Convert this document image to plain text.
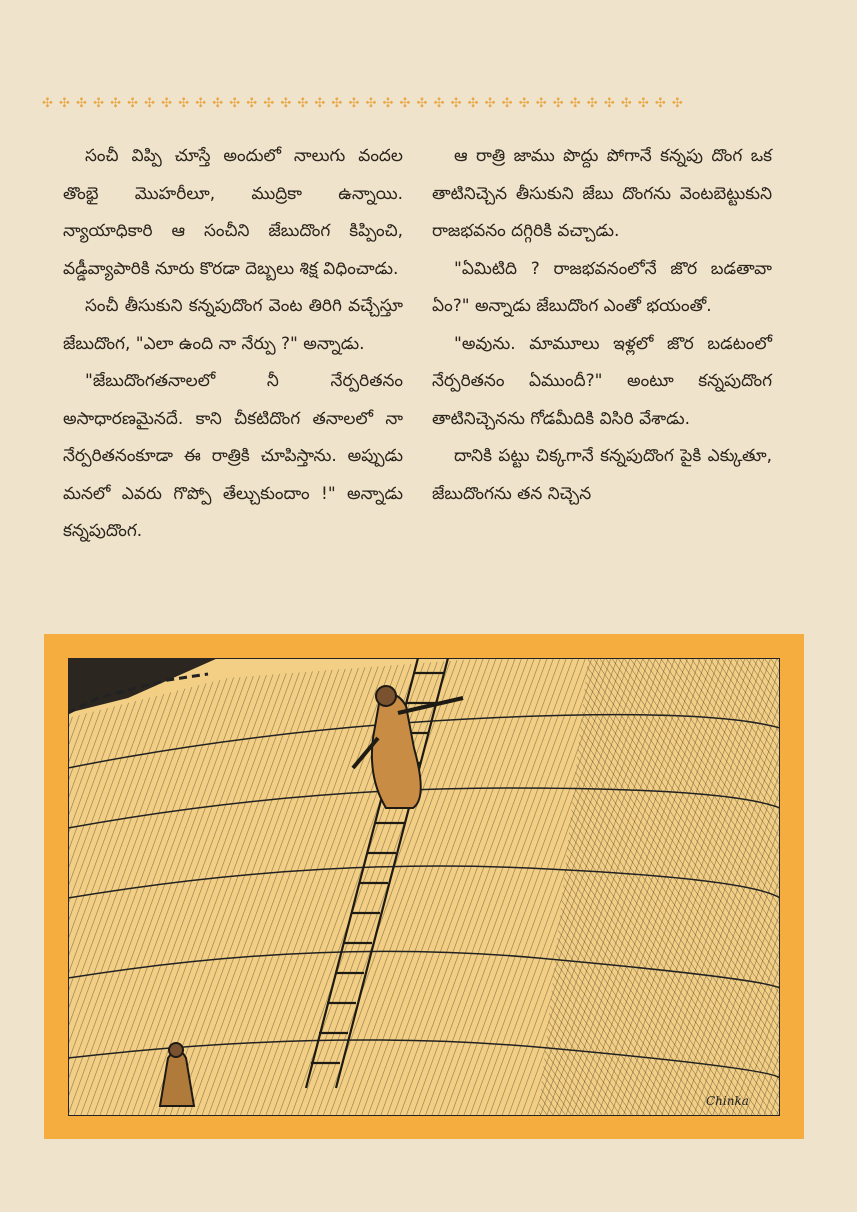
✣ ✣ ✣ ✣ ✣ ✣ ✣ ✣ ✣ ✣ ✣ ✣ ✣ ✣ ✣ ✣ ✣ ✣ ✣ ✣ ✣ ✣ ✣ ✣ ✣ ✣ ✣ ✣ ✣ ✣ ✣ ✣ ✣ ✣ ✣ ✣ ✣ ✣

సంచీ విప్పి చూస్తే అందులో నాలుగు వందల తొంభై మొహరీలూ, ముద్రికా ఉన్నాయి. న్యాయాధికారి ఆ సంచీని జేబుదొంగ కిప్పించి, వడ్డీవ్యాపారికి నూరు కొరడా దెబ్బలు శిక్ష విధించాడు.

సంచీ తీసుకుని కన్నపుదొంగ వెంట తిరిగి వచ్చేస్తూ జేబుదొంగ, "ఎలా ఉంది నా నేర్పు ?" అన్నాడు.

"జేబుదొంగతనాలలో నీ నేర్పరితనం అసాధారణమైనదే. కాని చీకటిదొంగ తనాలలో నా నేర్పరితనంకూడా ఈ రాత్రికి చూపిస్తాను. అప్పుడు మనలో ఎవరు గొప్పో తేల్చుకుందాం !" అన్నాడు కన్నపుదొంగ.

ఆ రాత్రి జాము పొద్దు పోగానే కన్నపు దొంగ ఒక తాటినిచ్చెన తీసుకుని జేబు దొంగను వెంటబెట్టుకుని రాజభవనం దగ్గిరికి వచ్చాడు.

"ఏమిటిది ? రాజభవనంలోనే జొర బడతావా ఏం?" అన్నాడు జేబుదొంగ ఎంతో భయంతో.

"అవును. మామూలు ఇళ్లలో జొర బడటంలో నేర్పరితనం ఏముందీ?" అంటూ కన్నపుదొంగ తాటినిచ్చెనను గోడమీదికి విసిరి వేశాడు.

దానికి పట్టు చిక్కగానే కన్నపుదొంగ పైకి ఎక్కుతూ, జేబుదొంగను తన నిచ్చెన

Chinka
